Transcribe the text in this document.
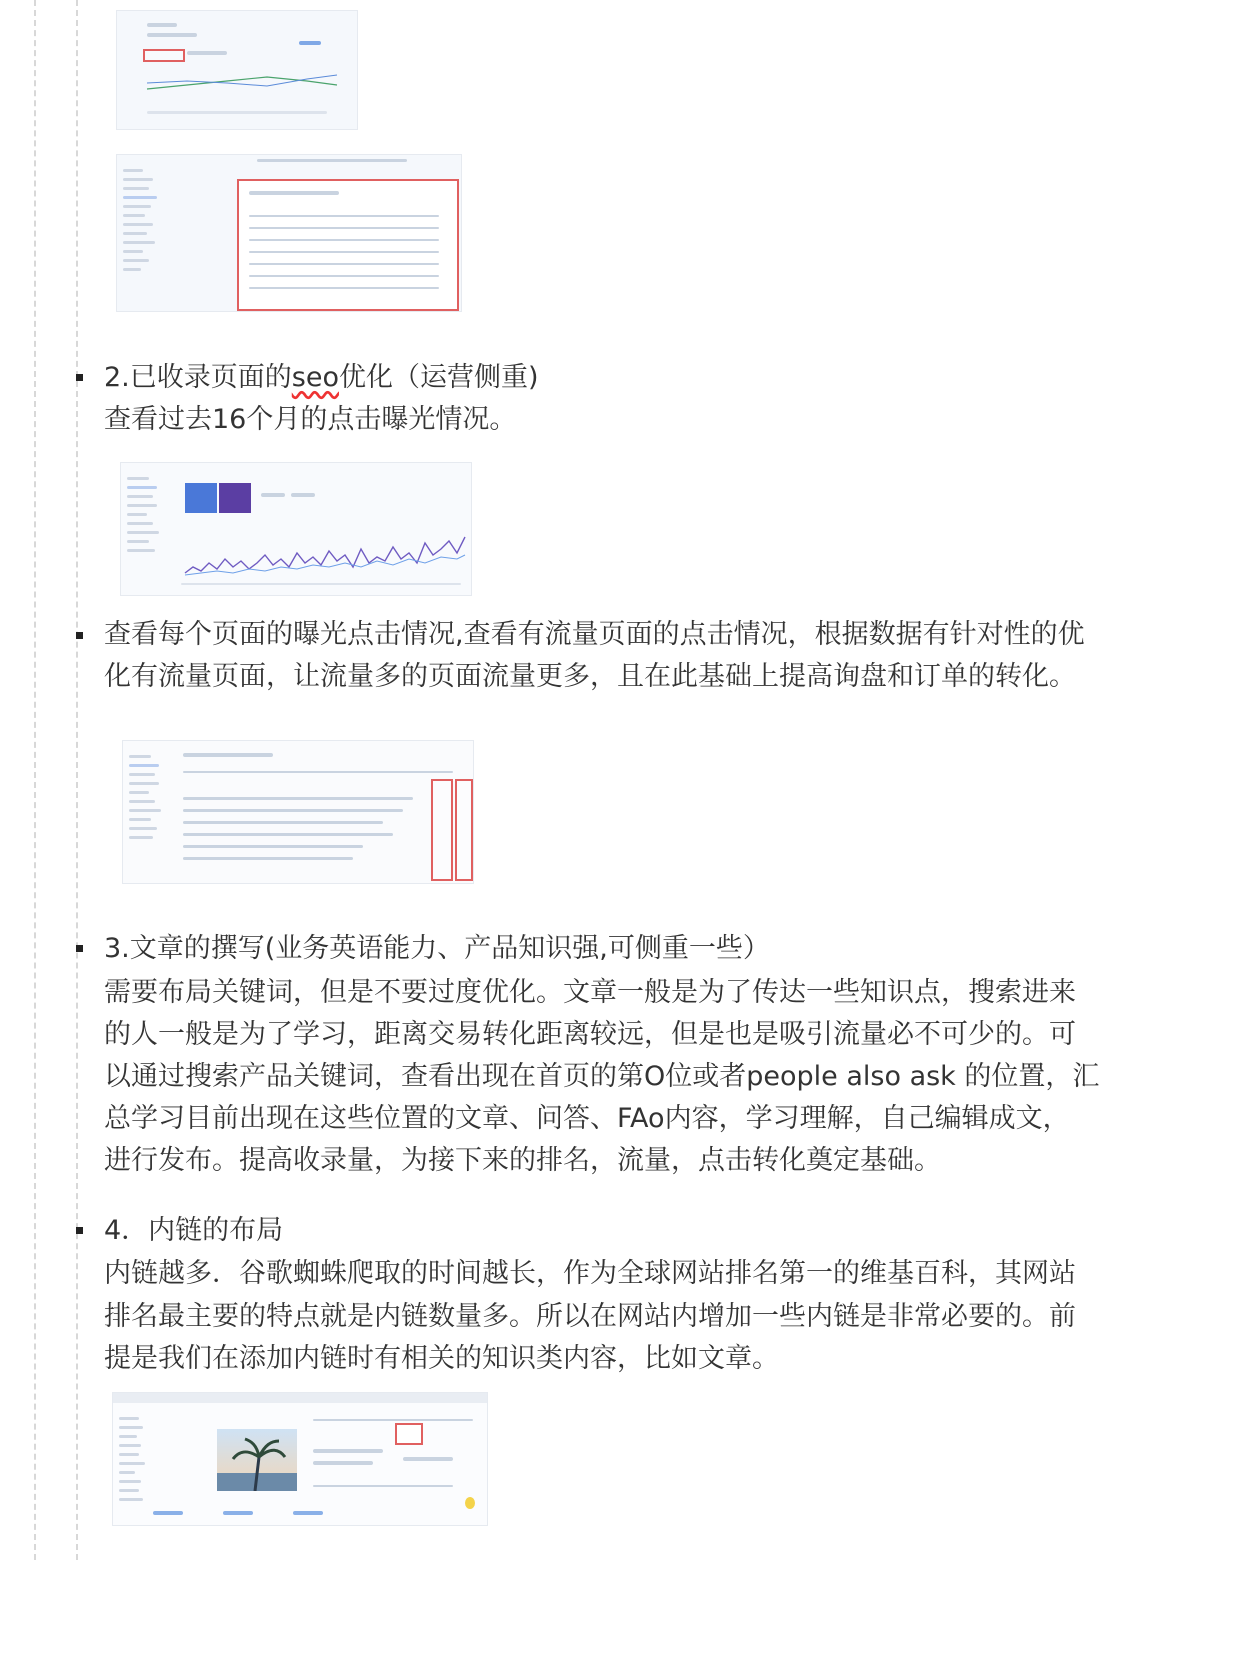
2.已收录页面的seo优化（运营侧重)
查看过去16个月的点击曝光情况。
查看每个页面的曝光点击情况,查看有流量页面的点击情况，根据数据有针对性的优
化有流量页面，让流量多的页面流量更多，且在此基础上提高询盘和订单的转化。
3.文章的撰写(业务英语能力、产品知识强,可侧重一些）
需要布局关键词，但是不要过度优化。文章一般是为了传达一些知识点，搜索进来
的人一般是为了学习，距离交易转化距离较远，但是也是吸引流量必不可少的。可
以通过搜索产品关键词，查看出现在首页的第O位或者people also ask 的位置，汇
总学习目前出现在这些位置的文章、问答、FAo内容，学习理解，自己编辑成文，
进行发布。提高收录量，为接下来的排名，流量，点击转化奠定基础。
4．内链的布局
内链越多．谷歌蜘蛛爬取的时间越长，作为全球网站排名第一的维基百科，其网站
排名最主要的特点就是内链数量多。所以在网站内增加一些内链是非常必要的。前
提是我们在添加内链时有相关的知识类内容，比如文章。
